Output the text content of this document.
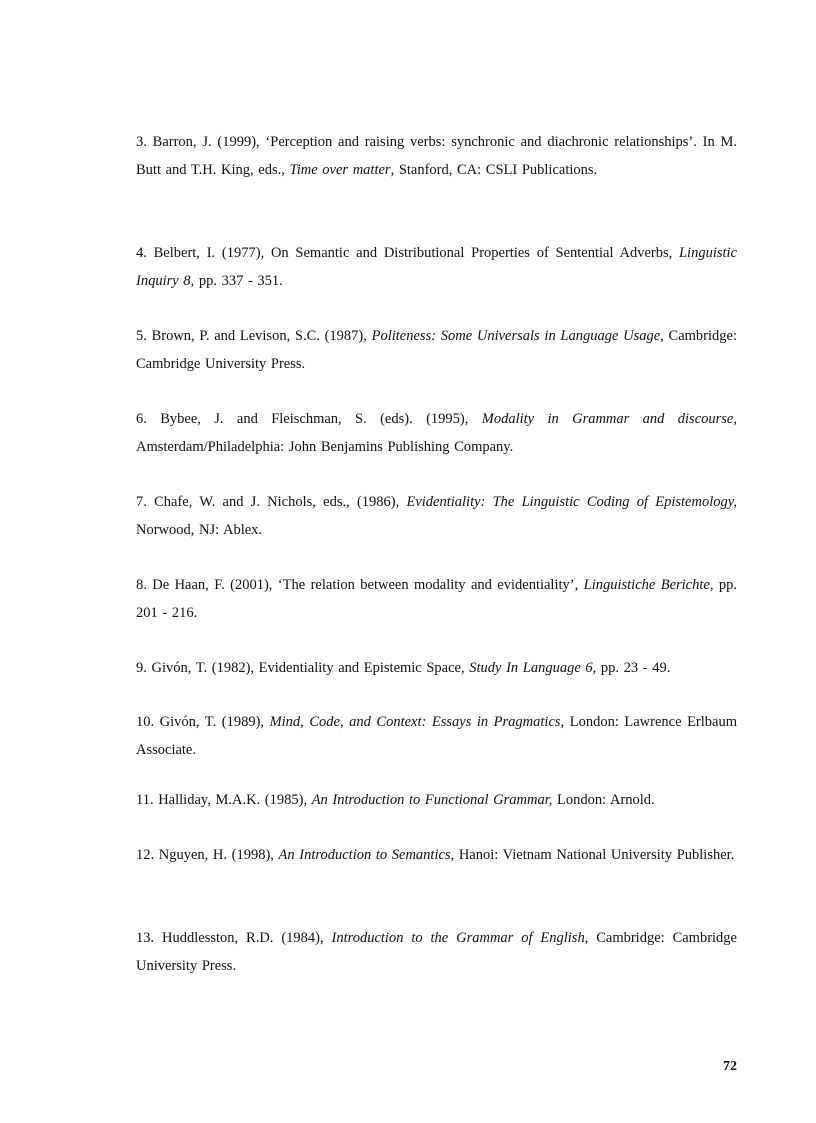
3. Barron, J. (1999), ‘Perception and raising verbs: synchronic and diachronic relationships’. In M. Butt and T.H. King, eds., Time over matter, Stanford, CA: CSLI Publications.
4. Belbert, I. (1977), On Semantic and Distributional Properties of Sentential Adverbs, Linguistic Inquiry 8, pp. 337 - 351.
5. Brown, P. and Levison, S.C. (1987), Politeness: Some Universals in Language Usage, Cambridge: Cambridge University Press.
6. Bybee, J. and Fleischman, S. (eds). (1995), Modality in Grammar and discourse, Amsterdam/Philadelphia: John Benjamins Publishing Company.
7. Chafe, W. and J. Nichols, eds., (1986), Evidentiality: The Linguistic Coding of Epistemology, Norwood, NJ: Ablex.
8. De Haan, F. (2001), ‘The relation between modality and evidentiality’, Linguistiche Berichte, pp. 201 - 216.
9. Givón, T. (1982), Evidentiality and Epistemic Space, Study In Language 6, pp. 23 - 49.
10. Givón, T. (1989), Mind, Code, and Context: Essays in Pragmatics, London: Lawrence Erlbaum Associate.
11. Halliday, M.A.K. (1985), An Introduction to Functional Grammar, London: Arnold.
12. Nguyen, H. (1998), An Introduction to Semantics, Hanoi: Vietnam National University Publisher.
13. Huddlesston, R.D. (1984), Introduction to the Grammar of English, Cambridge: Cambridge University Press.
72
